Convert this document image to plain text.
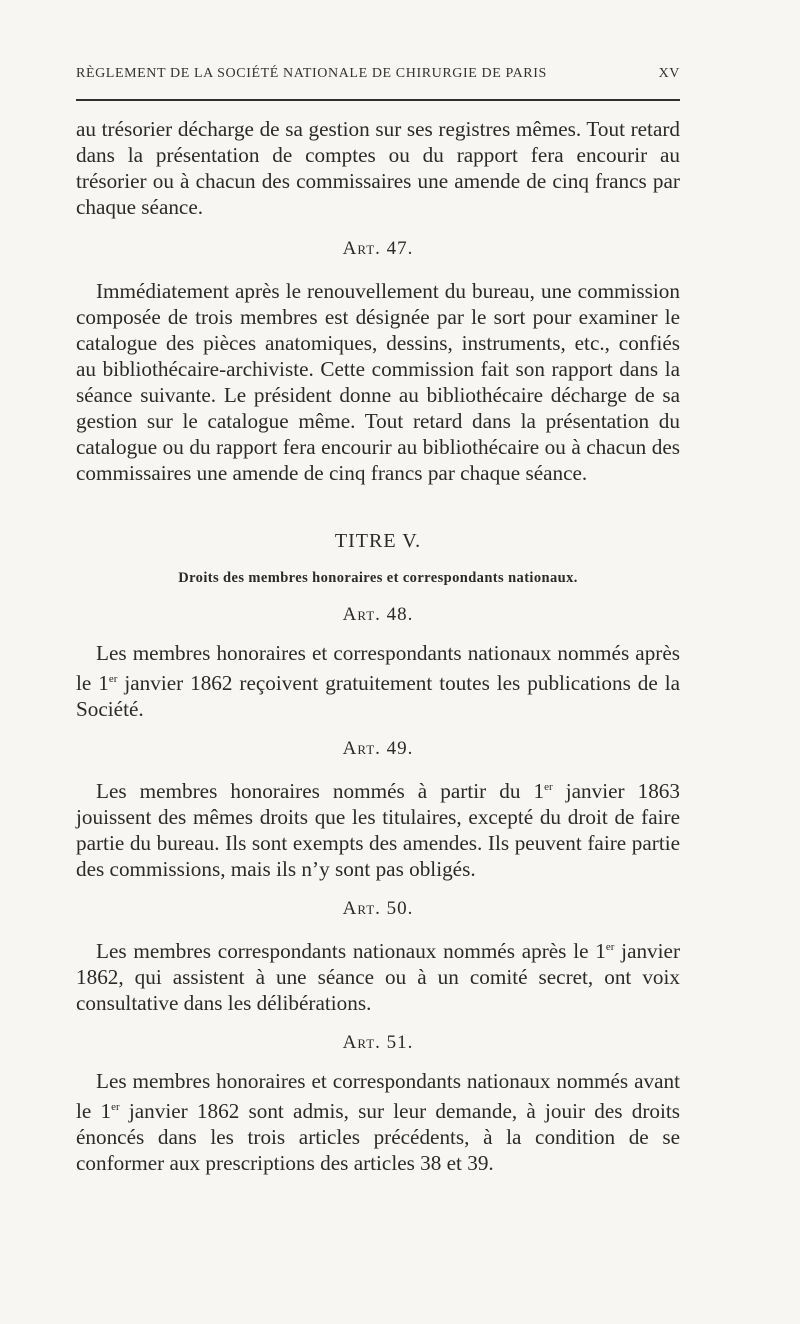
RÈGLEMENT DE LA SOCIÉTÉ NATIONALE DE CHIRURGIE DE PARIS	XV

au trésorier décharge de sa gestion sur ses registres mêmes. Tout retard dans la présentation de comptes ou du rapport fera encourir au trésorier ou à chacun des commissaires une amende de cinq francs par chaque séance.

Art. 47.

Immédiatement après le renouvellement du bureau, une commission composée de trois membres est désignée par le sort pour examiner le catalogue des pièces anatomiques, dessins, instruments, etc., confiés au bibliothécaire-archiviste. Cette commission fait son rapport dans la séance suivante. Le président donne au bibliothécaire décharge de sa gestion sur le catalogue même. Tout retard dans la présentation du catalogue ou du rapport fera encourir au bibliothécaire ou à chacun des commissaires une amende de cinq francs par chaque séance.

TITRE V.
Droits des membres honoraires et correspondants nationaux.
Art. 48.

Les membres honoraires et correspondants nationaux nommés après le 1er janvier 1862 reçoivent gratuitement toutes les publications de la Société.

Art. 49.

Les membres honoraires nommés à partir du 1er janvier 1863 jouissent des mêmes droits que les titulaires, excepté du droit de faire partie du bureau. Ils sont exempts des amendes. Ils peuvent faire partie des commissions, mais ils n’y sont pas obligés.

Art. 50.

Les membres correspondants nationaux nommés après le 1er janvier 1862, qui assistent à une séance ou à un comité secret, ont voix consultative dans les délibérations.

Art. 51.

Les membres honoraires et correspondants nationaux nommés avant le 1er janvier 1862 sont admis, sur leur demande, à jouir des droits énoncés dans les trois articles précédents, à la condition de se conformer aux prescriptions des articles 38 et 39.
